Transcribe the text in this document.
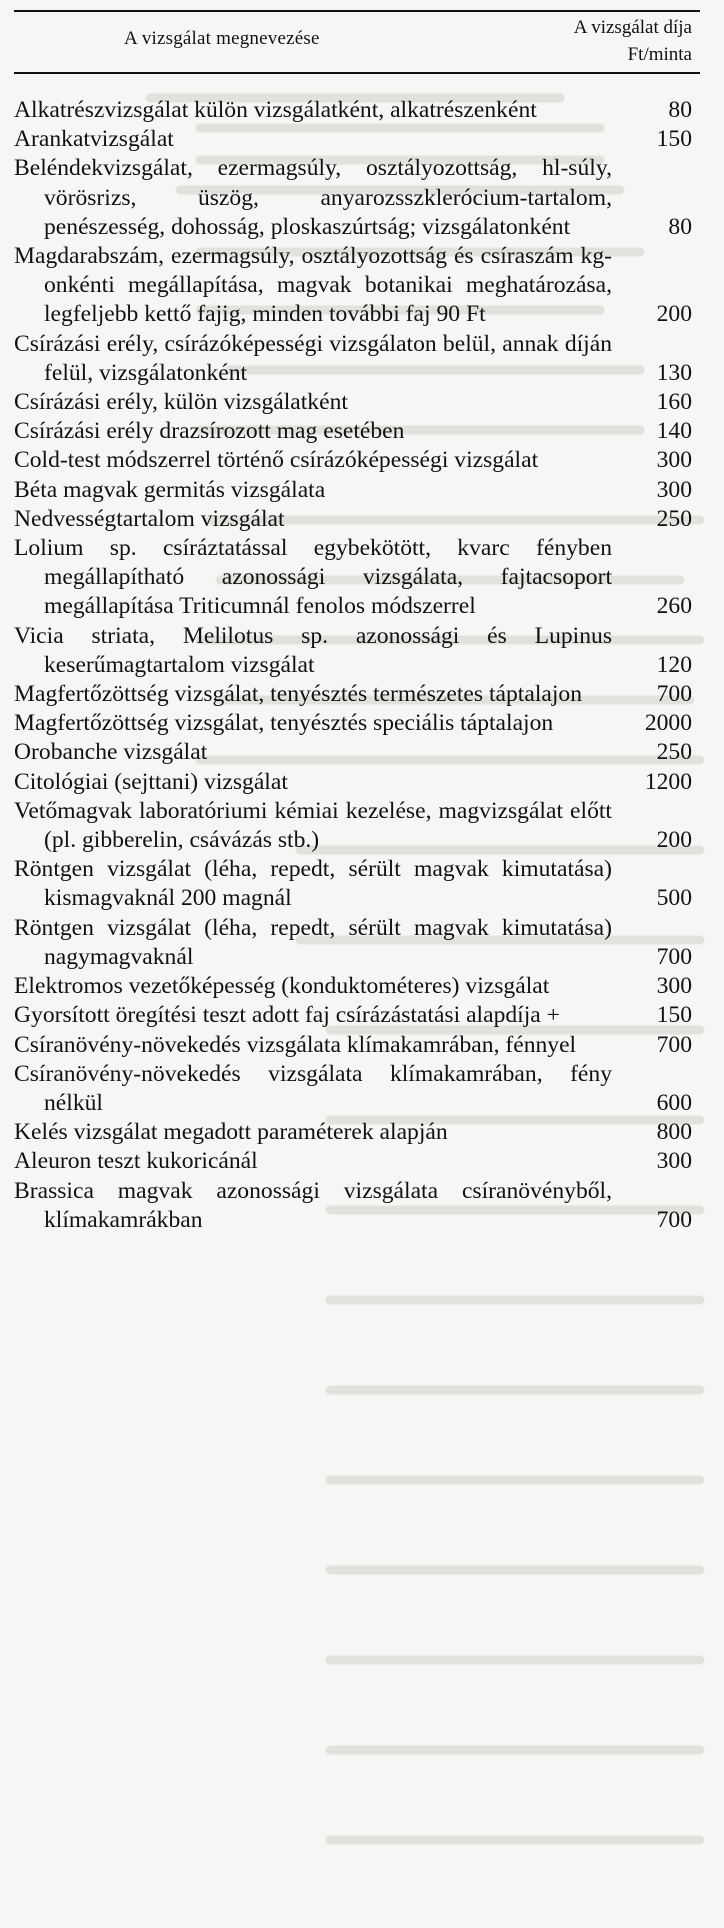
A vizsgálat megnevezése
A vizsgálat díja
Ft/minta
Alkatrészvizsgálat külön vizsgálatként, alkatrészenként	80
Arankatvizsgálat	150
Beléndekvizsgálat, ezermagsúly, osztályozottság, hl-súly, vörösrizs, üszög, anyarozsszklerócium-tartalom, penészesség, dohosság, ploskaszúrtság; vizsgálatonként	80
Magdarabszám, ezermagsúly, osztályozottság és csíraszám kg-onkénti megállapítása, magvak botanikai meghatározása, legfeljebb kettő fajig, minden további faj 90 Ft	200
Csírázási erély, csírázóképességi vizsgálaton belül, annak díján felül, vizsgálatonként	130
Csírázási erély, külön vizsgálatként	160
Csírázási erély drazsírozott mag esetében	140
Cold-test módszerrel történő csírázóképességi vizsgálat	300
Béta magvak germitás vizsgálata	300
Nedvességtartalom vizsgálat	250
Lolium sp. csíráztatással egybekötött, kvarc fényben megállapítható azonossági vizsgálata, fajtacsoport megállapítása Triticumnál fenolos módszerrel	260
Vicia striata, Melilotus sp. azonossági és Lupinus keserűmagtartalom vizsgálat	120
Magfertőzöttség vizsgálat, tenyésztés természetes táptalajon	700
Magfertőzöttség vizsgálat, tenyésztés speciális táptalajon	2000
Orobanche vizsgálat	250
Citológiai (sejttani) vizsgálat	1200
Vetőmagvak laboratóriumi kémiai kezelése, magvizsgálat előtt (pl. gibberelin, csávázás stb.)	200
Röntgen vizsgálat (léha, repedt, sérült magvak kimutatása) kismagvaknál 200 magnál	500
Röntgen vizsgálat (léha, repedt, sérült magvak kimutatása) nagymagvaknál	700
Elektromos vezetőképesség (konduktométeres) vizsgálat	300
Gyorsított öregítési teszt adott faj csírázástatási alapdíja +	150
Csíranövény-növekedés vizsgálata klímakamrában, fénnyel	700
Csíranövény-növekedés vizsgálata klímakamrában, fény nélkül	600
Kelés vizsgálat megadott paraméterek alapján	800
Aleuron teszt kukoricánál	300
Brassica magvak azonossági vizsgálata csíranövényből, klímakamrákban	700
